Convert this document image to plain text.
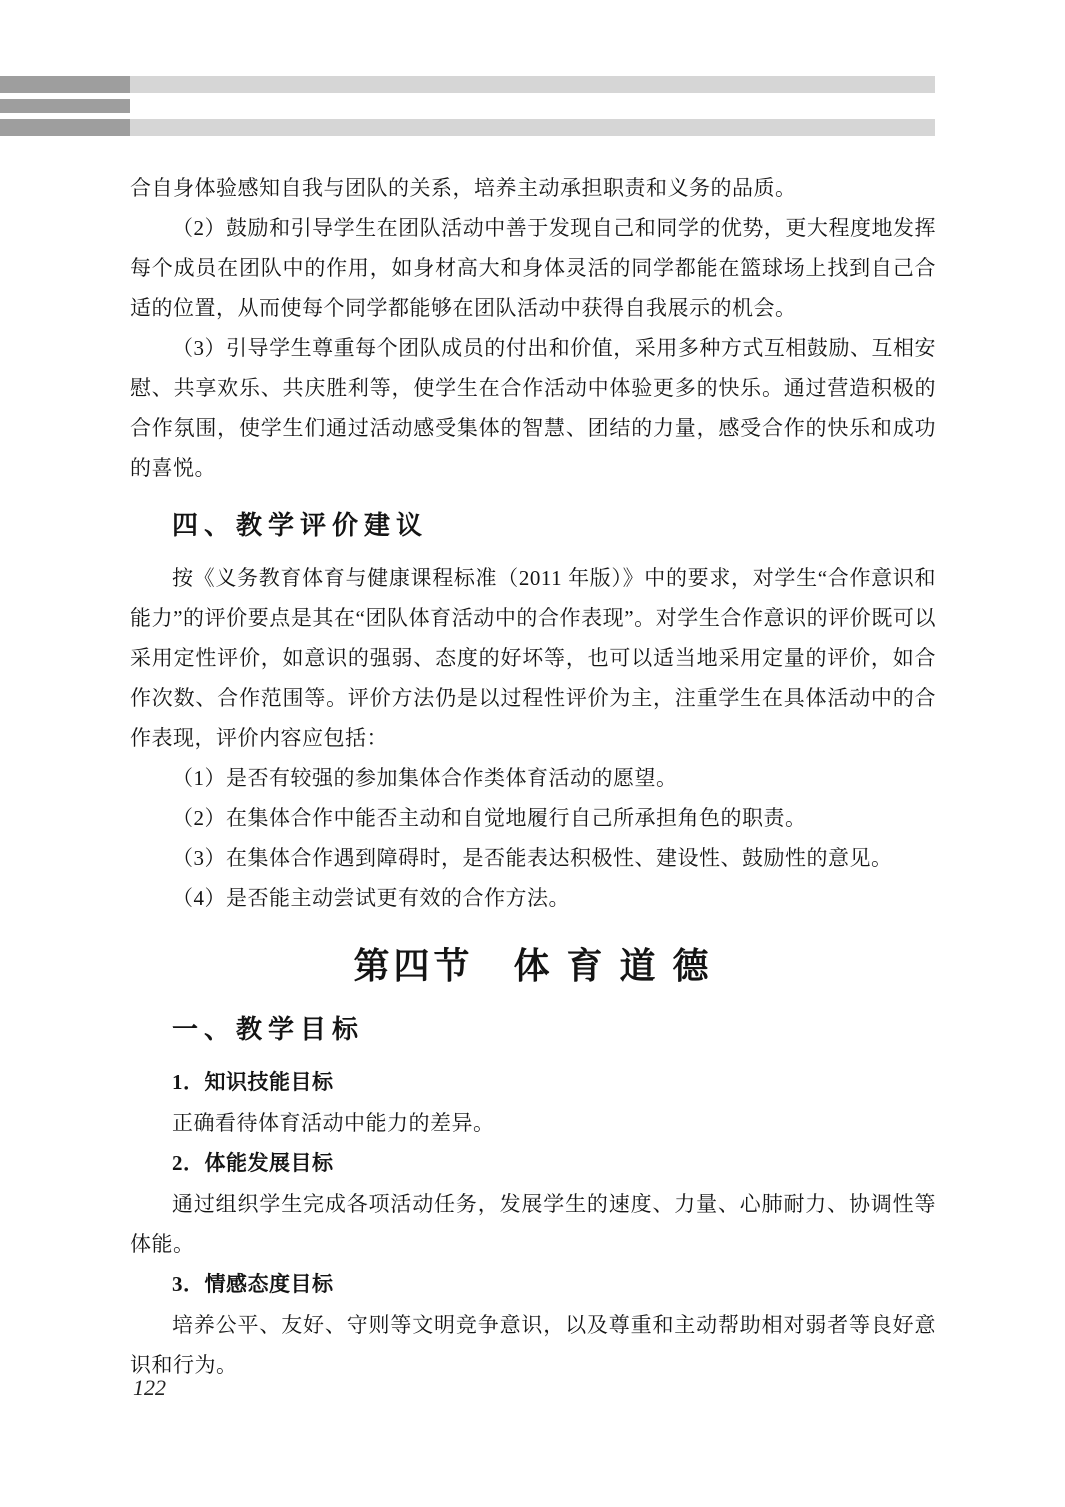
合自身体验感知自我与团队的关系，培养主动承担职责和义务的品质。

（2）鼓励和引导学生在团队活动中善于发现自己和同学的优势，更大程度地发挥每个成员在团队中的作用，如身材高大和身体灵活的同学都能在篮球场上找到自己合适的位置，从而使每个同学都能够在团队活动中获得自我展示的机会。

（3）引导学生尊重每个团队成员的付出和价值，采用多种方式互相鼓励、互相安慰、共享欢乐、共庆胜利等，使学生在合作活动中体验更多的快乐。通过营造积极的合作氛围，使学生们通过活动感受集体的智慧、团结的力量，感受合作的快乐和成功的喜悦。

四、教学评价建议

按《义务教育体育与健康课程标准（2011 年版）》中的要求，对学生“合作意识和能力”的评价要点是其在“团队体育活动中的合作表现”。对学生合作意识的评价既可以采用定性评价，如意识的强弱、态度的好坏等，也可以适当地采用定量的评价，如合作次数、合作范围等。评价方法仍是以过程性评价为主，注重学生在具体活动中的合作表现，评价内容应包括：

（1）是否有较强的参加集体合作类体育活动的愿望。

（2）在集体合作中能否主动和自觉地履行自己所承担角色的职责。

（3）在集体合作遇到障碍时，是否能表达积极性、建设性、鼓励性的意见。

（4）是否能主动尝试更有效的合作方法。

第四节　体 育 道 德
一、教学目标

1．知识技能目标

正确看待体育活动中能力的差异。

2．体能发展目标

通过组织学生完成各项活动任务，发展学生的速度、力量、心肺耐力、协调性等体能。

3．情感态度目标

培养公平、友好、守则等文明竞争意识，以及尊重和主动帮助相对弱者等良好意识和行为。

122
